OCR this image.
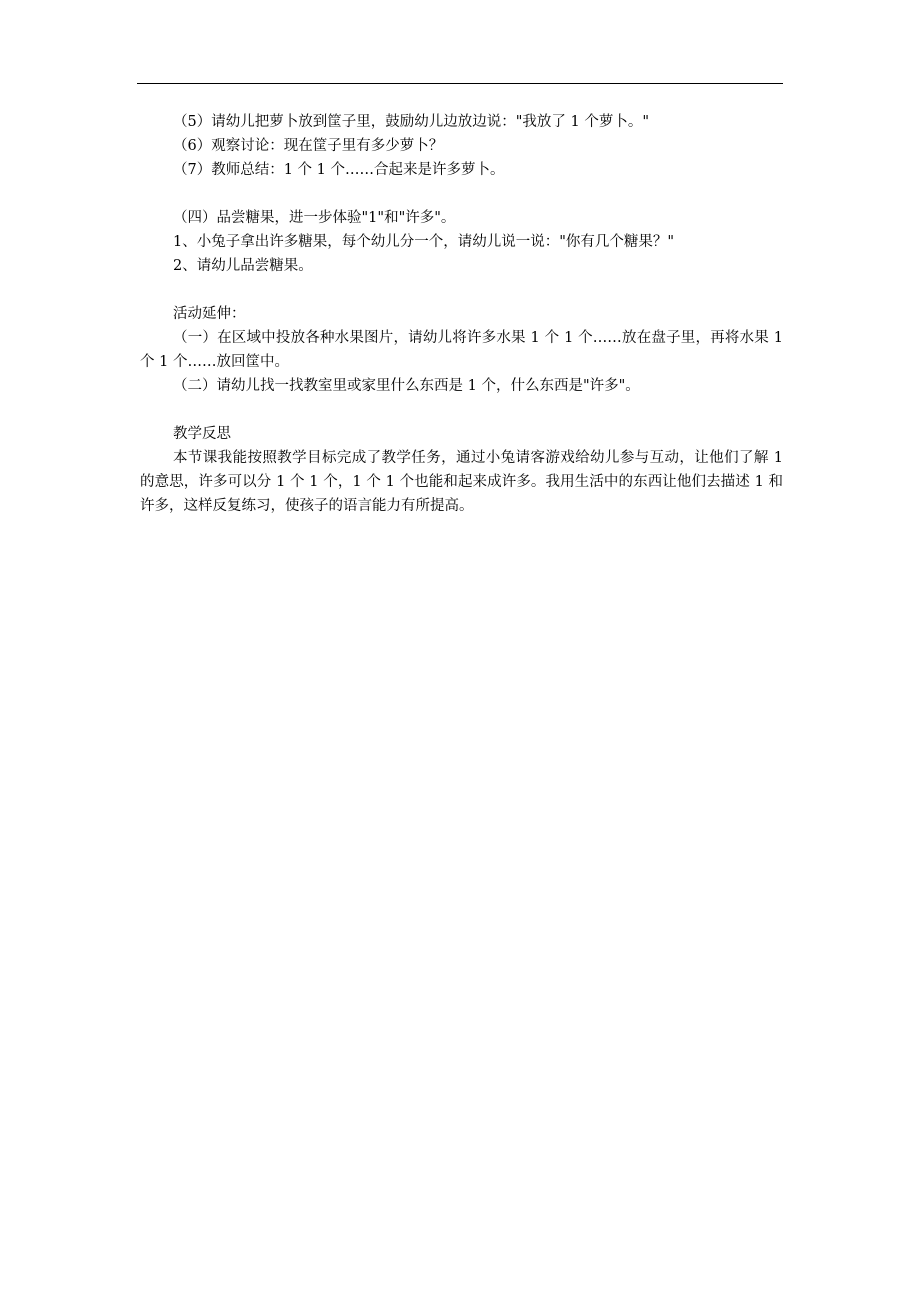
（5）请幼儿把萝卜放到筐子里，鼓励幼儿边放边说："我放了 1 个萝卜。"

（6）观察讨论：现在筐子里有多少萝卜？

（7）教师总结：1 个 1 个……合起来是许多萝卜。

（四）品尝糖果，进一步体验"1"和"许多"。

1、小兔子拿出许多糖果，每个幼儿分一个，请幼儿说一说："你有几个糖果？"

2、请幼儿品尝糖果。

活动延伸：

（一）在区域中投放各种水果图片，请幼儿将许多水果 1 个 1 个……放在盘子里，再将水果 1 个 1 个……放回筐中。

（二）请幼儿找一找教室里或家里什么东西是 1 个，什么东西是"许多"。

教学反思

本节课我能按照教学目标完成了教学任务，通过小兔请客游戏给幼儿参与互动，让他们了解 1 的意思，许多可以分 1 个 1 个，1 个 1 个也能和起来成许多。我用生活中的东西让他们去描述 1 和许多，这样反复练习，使孩子的语言能力有所提高。
